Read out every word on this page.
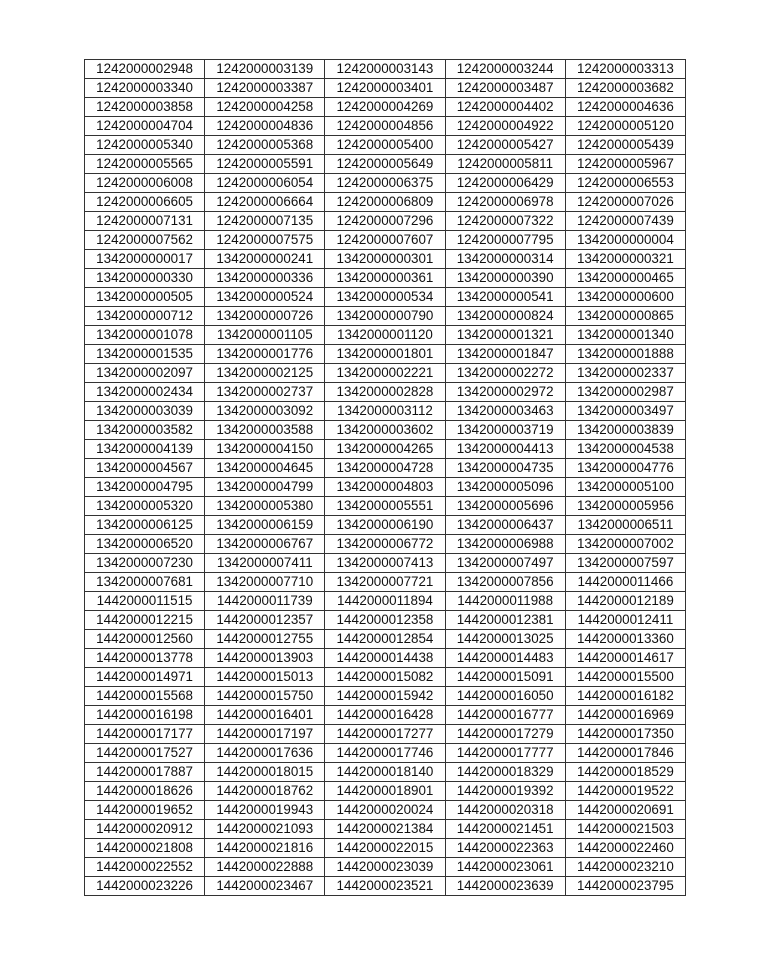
1242000002948	1242000003139	1242000003143	1242000003244	1242000003313
1242000003340	1242000003387	1242000003401	1242000003487	1242000003682
1242000003858	1242000004258	1242000004269	1242000004402	1242000004636
1242000004704	1242000004836	1242000004856	1242000004922	1242000005120
1242000005340	1242000005368	1242000005400	1242000005427	1242000005439
1242000005565	1242000005591	1242000005649	1242000005811	1242000005967
1242000006008	1242000006054	1242000006375	1242000006429	1242000006553
1242000006605	1242000006664	1242000006809	1242000006978	1242000007026
1242000007131	1242000007135	1242000007296	1242000007322	1242000007439
1242000007562	1242000007575	1242000007607	1242000007795	1342000000004
1342000000017	1342000000241	1342000000301	1342000000314	1342000000321
1342000000330	1342000000336	1342000000361	1342000000390	1342000000465
1342000000505	1342000000524	1342000000534	1342000000541	1342000000600
1342000000712	1342000000726	1342000000790	1342000000824	1342000000865
1342000001078	1342000001105	1342000001120	1342000001321	1342000001340
1342000001535	1342000001776	1342000001801	1342000001847	1342000001888
1342000002097	1342000002125	1342000002221	1342000002272	1342000002337
1342000002434	1342000002737	1342000002828	1342000002972	1342000002987
1342000003039	1342000003092	1342000003112	1342000003463	1342000003497
1342000003582	1342000003588	1342000003602	1342000003719	1342000003839
1342000004139	1342000004150	1342000004265	1342000004413	1342000004538
1342000004567	1342000004645	1342000004728	1342000004735	1342000004776
1342000004795	1342000004799	1342000004803	1342000005096	1342000005100
1342000005320	1342000005380	1342000005551	1342000005696	1342000005956
1342000006125	1342000006159	1342000006190	1342000006437	1342000006511
1342000006520	1342000006767	1342000006772	1342000006988	1342000007002
1342000007230	1342000007411	1342000007413	1342000007497	1342000007597
1342000007681	1342000007710	1342000007721	1342000007856	1442000011466
1442000011515	1442000011739	1442000011894	1442000011988	1442000012189
1442000012215	1442000012357	1442000012358	1442000012381	1442000012411
1442000012560	1442000012755	1442000012854	1442000013025	1442000013360
1442000013778	1442000013903	1442000014438	1442000014483	1442000014617
1442000014971	1442000015013	1442000015082	1442000015091	1442000015500
1442000015568	1442000015750	1442000015942	1442000016050	1442000016182
1442000016198	1442000016401	1442000016428	1442000016777	1442000016969
1442000017177	1442000017197	1442000017277	1442000017279	1442000017350
1442000017527	1442000017636	1442000017746	1442000017777	1442000017846
1442000017887	1442000018015	1442000018140	1442000018329	1442000018529
1442000018626	1442000018762	1442000018901	1442000019392	1442000019522
1442000019652	1442000019943	1442000020024	1442000020318	1442000020691
1442000020912	1442000021093	1442000021384	1442000021451	1442000021503
1442000021808	1442000021816	1442000022015	1442000022363	1442000022460
1442000022552	1442000022888	1442000023039	1442000023061	1442000023210
1442000023226	1442000023467	1442000023521	1442000023639	1442000023795
